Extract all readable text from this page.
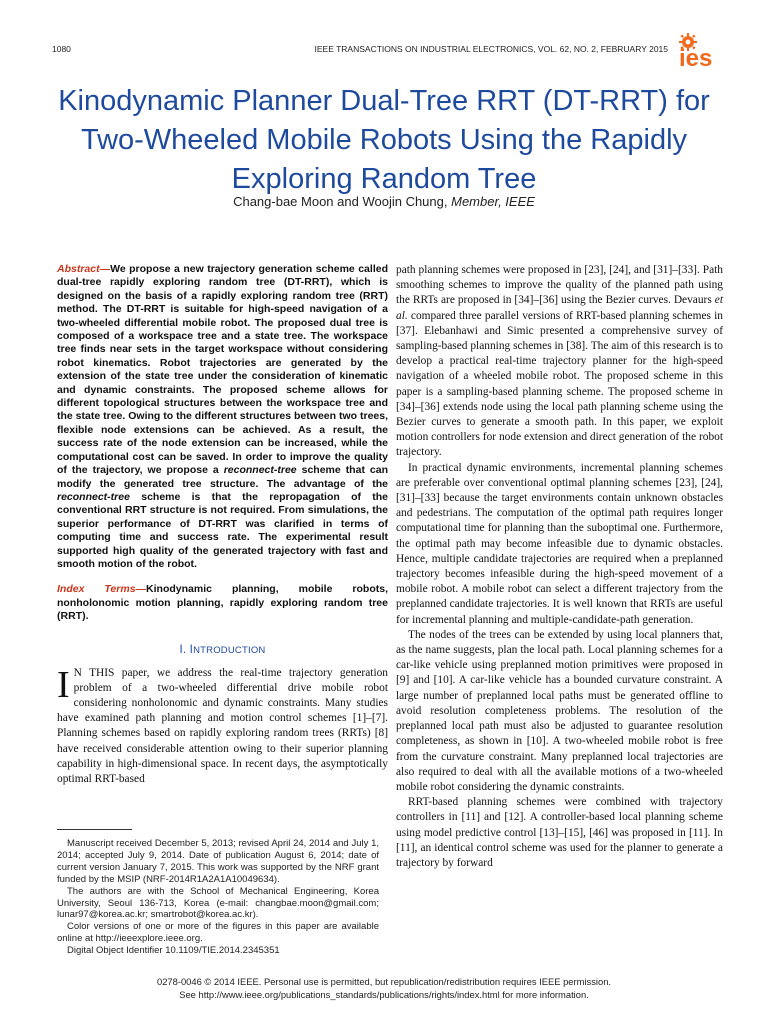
1080	IEEE TRANSACTIONS ON INDUSTRIAL ELECTRONICS, VOL. 62, NO. 2, FEBRUARY 2015 ies
Kinodynamic Planner Dual-Tree RRT (DT-RRT) for Two-Wheeled Mobile Robots Using the Rapidly Exploring Random Tree
Chang-bae Moon and Woojin Chung, Member, IEEE

Abstract—We propose a new trajectory generation scheme called dual-tree rapidly exploring random tree (DT-RRT), which is designed on the basis of a rapidly exploring random tree (RRT) method. The DT-RRT is suitable for high-speed navigation of a two-wheeled differential mobile robot. The proposed dual tree is composed of a workspace tree and a state tree. The workspace tree finds near sets in the target workspace without considering robot kinematics. Robot trajectories are generated by the extension of the state tree under the consideration of kinematic and dynamic constraints. The proposed scheme allows for different topological structures between the workspace tree and the state tree. Owing to the different structures between two trees, flexible node extensions can be achieved. As a result, the success rate of the node extension can be increased, while the computational cost can be saved. In order to improve the quality of the trajectory, we propose a reconnect-tree scheme that can modify the generated tree structure. The advantage of the reconnect-tree scheme is that the repropagation of the conventional RRT structure is not required. From simulations, the superior performance of DT-RRT was clarified in terms of computing time and success rate. The experimental result supported high quality of the generated trajectory with fast and smooth motion of the robot.

Index Terms—Kinodynamic planning, mobile robots, nonholonomic motion planning, rapidly exploring random tree (RRT).

I. INTRODUCTION

I N THIS paper, we address the real-time trajectory generation problem of a two-wheeled differential drive mobile robot considering nonholonomic and dynamic constraints. Many studies have examined path planning and motion control schemes [1]–[7]. Planning schemes based on rapidly exploring random trees (RRTs) [8] have received considerable attention owing to their superior planning capability in high-dimensional space. In recent days, the asymptotically optimal RRT-based

Manuscript received December 5, 2013; revised April 24, 2014 and July 1, 2014; accepted July 9, 2014. Date of publication August 6, 2014; date of current version January 7, 2015. This work was supported by the NRF grant funded by the MSIP (NRF-2014R1A2A1A10049634).

The authors are with the School of Mechanical Engineering, Korea University, Seoul 136-713, Korea (e-mail: changbae.moon@gmail.com; lunar97@korea.ac.kr; smartrobot@korea.ac.kr).

Color versions of one or more of the figures in this paper are available online at http://ieeexplore.ieee.org.

Digital Object Identifier 10.1109/TIE.2014.2345351

path planning schemes were proposed in [23], [24], and [31]–[33]. Path smoothing schemes to improve the quality of the planned path using the RRTs are proposed in [34]–[36] using the Bezier curves. Devaurs et al. compared three parallel versions of RRT-based planning schemes in [37]. Elebanhawi and Simic presented a comprehensive survey of sampling-based planning schemes in [38]. The aim of this research is to develop a practical real-time trajectory planner for the high-speed navigation of a wheeled mobile robot. The proposed scheme in this paper is a sampling-based planning scheme. The proposed scheme in [34]–[36] extends node using the local path planning scheme using the Bezier curves to generate a smooth path. In this paper, we exploit motion controllers for node extension and direct generation of the robot trajectory.

In practical dynamic environments, incremental planning schemes are preferable over conventional optimal planning schemes [23], [24], [31]–[33] because the target environments contain unknown obstacles and pedestrians. The computation of the optimal path requires longer computational time for planning than the suboptimal one. Furthermore, the optimal path may become infeasible due to dynamic obstacles. Hence, multiple candidate trajectories are required when a preplanned trajectory becomes infeasible during the high-speed movement of a mobile robot. A mobile robot can select a different trajectory from the preplanned candidate trajectories. It is well known that RRTs are useful for incremental planning and multiple-candidate-path generation.

The nodes of the trees can be extended by using local planners that, as the name suggests, plan the local path. Local planning schemes for a car-like vehicle using preplanned motion primitives were proposed in [9] and [10]. A car-like vehicle has a bounded curvature constraint. A large number of preplanned local paths must be generated offline to avoid resolution completeness problems. The resolution of the preplanned local path must also be adjusted to guarantee resolution completeness, as shown in [10]. A two-wheeled mobile robot is free from the curvature constraint. Many preplanned local trajectories are also required to deal with all the available motions of a two-wheeled mobile robot considering the dynamic constraints.

RRT-based planning schemes were combined with trajectory controllers in [11] and [12]. A controller-based local planning scheme using model predictive control [13]–[15], [46] was proposed in [11]. In [11], an identical control scheme was used for the planner to generate a trajectory by forward

0278-0046 © 2014 IEEE. Personal use is permitted, but republication/redistribution requires IEEE permission.
See http://www.ieee.org/publications_standards/publications/rights/index.html for more information.
